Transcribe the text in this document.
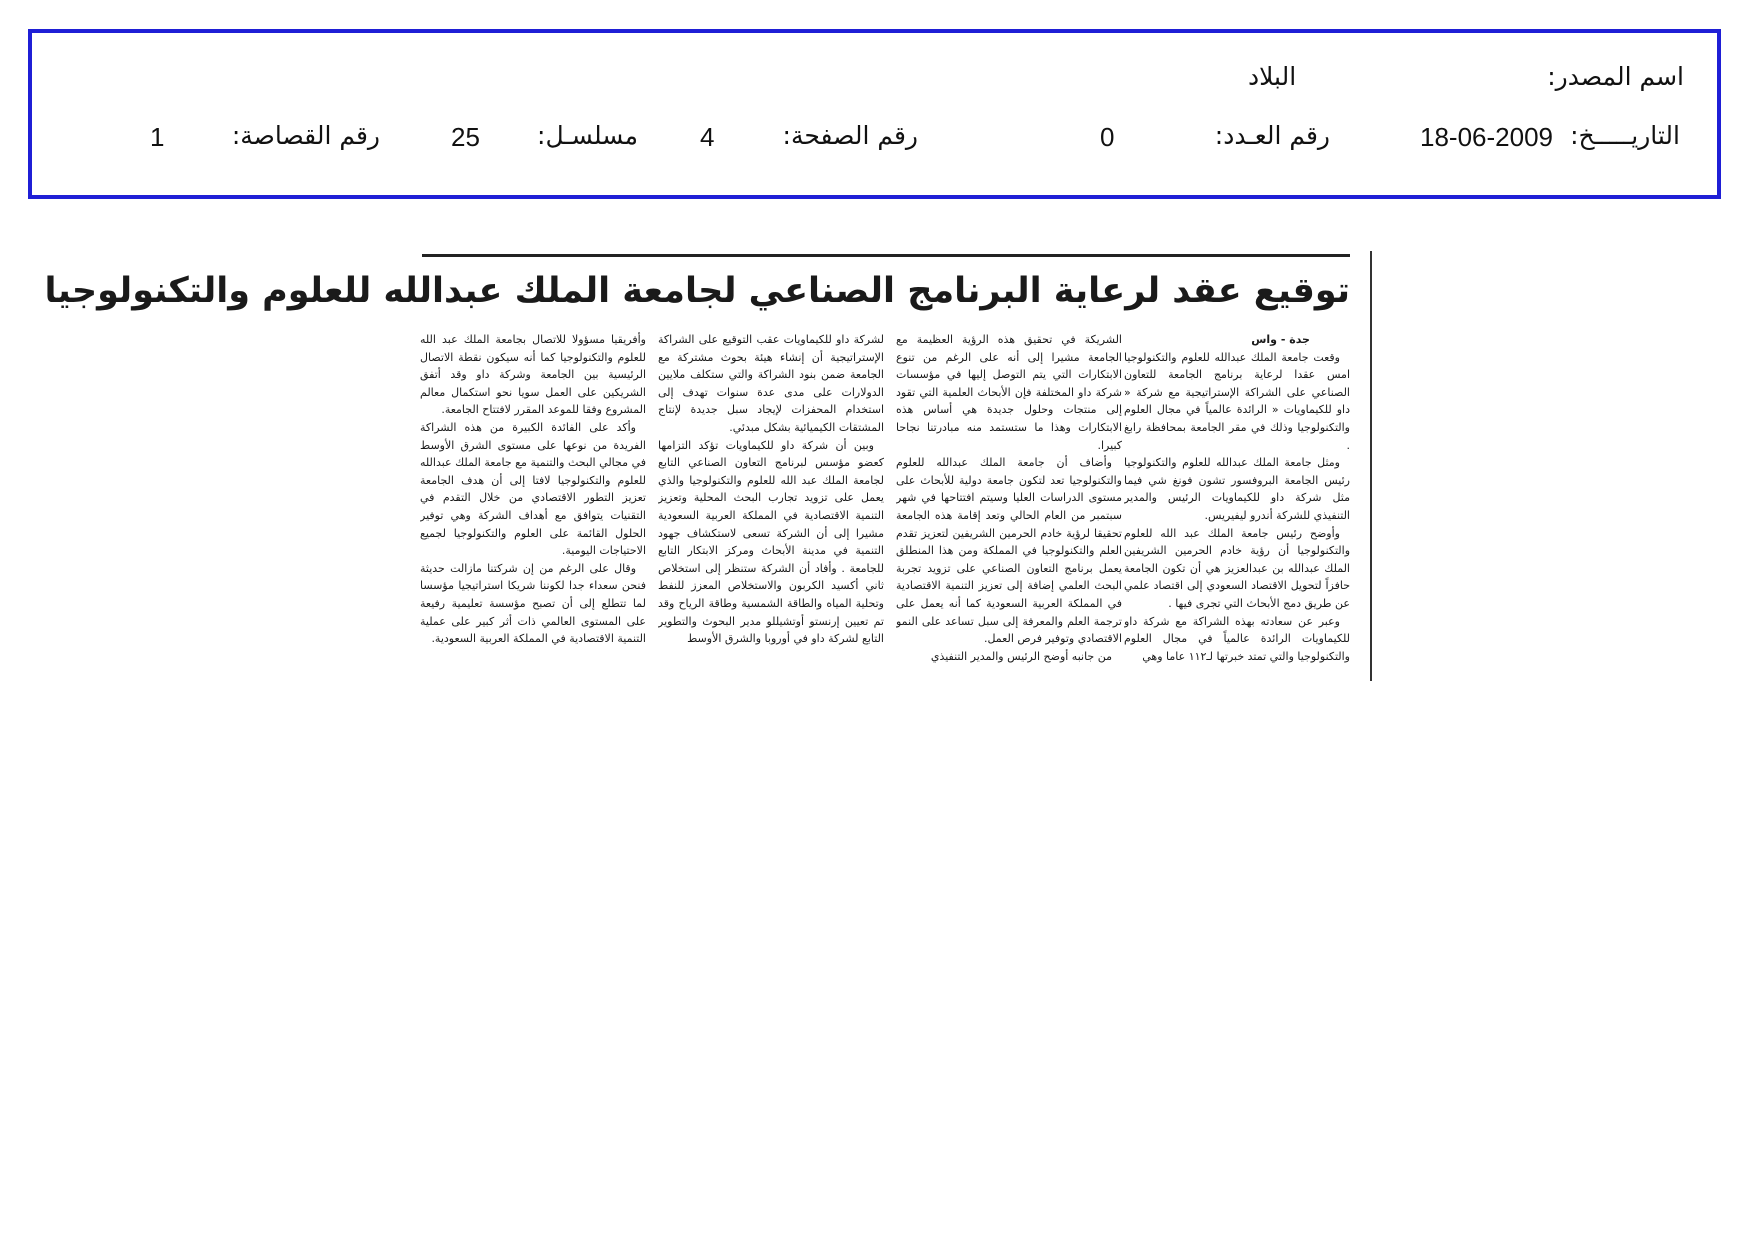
اسم المصدر:
البلاد
التاريـــــخ:
18-06-2009
رقم العـدد:
0
رقم الصفحة:
4
مسلسـل:
25
رقم القصاصة:
1
توقيع عقد لرعاية البرنامج الصناعي لجامعة الملك عبدالله للعلوم والتكنولوجيا

جدة - واس

وقعت جامعة الملك عبدالله للعلوم والتكنولوجيا امس عقدا لرعاية برنامج الجامعة للتعاون الصناعي على الشراكة الإستراتيجية مع شركة « داو للكيماويات « الرائدة عالمياً في مجال العلوم والتكنولوجيا وذلك في مقر الجامعة بمحافظة رابغ .

ومثل جامعة الملك عبدالله للعلوم والتكنولوجيا رئيس الجامعة البروفسور تشون فونغ شي فيما مثل شركة داو للكيماويات الرئيس والمدير التنفيذي للشركة أندرو ليفيريس.

وأوضح رئيس جامعة الملك عبد الله للعلوم والتكنولوجيا أن رؤية خادم الحرمين الشريفين الملك عبدالله بن عبدالعزيز هي أن تكون الجامعة حافزاً لتحويل الاقتصاد السعودي إلى اقتصاد علمي عن طريق دمج الأبحاث التي تجرى فيها .

وعبر عن سعادته بهذه الشراكة مع شركة داو للكيماويات الرائدة عالمياً في مجال العلوم والتكنولوجيا والتي تمتد خبرتها لـ١١٢ عاما وهي

الشريكة في تحقيق هذه الرؤية العظيمة مع الجامعة مشيرا إلى أنه على الرغم من تنوع الابتكارات التي يتم التوصل إليها في مؤسسات شركة داو المختلفة فإن الأبحاث العلمية التي تقود إلى منتجات وحلول جديدة هي أساس هذه الابتكارات وهذا ما ستستمد منه مبادرتنا نجاحا كبيرا.

وأضاف أن جامعة الملك عبدالله للعلوم والتكنولوجيا تعد لتكون جامعة دولية للأبحاث على مستوى الدراسات العليا وسيتم افتتاحها في شهر سبتمبر من العام الحالي وتعد إقامة هذه الجامعة تحقيقا لرؤية خادم الحرمين الشريفين لتعزيز تقدم العلم والتكنولوجيا في المملكة ومن هذا المنطلق يعمل برنامج التعاون الصناعي على تزويد تجربة البحث العلمي إضافة إلى تعزيز التنمية الاقتصادية في المملكة العربية السعودية كما أنه يعمل على ترجمة العلم والمعرفة إلى سبل تساعد على النمو الاقتصادي وتوفير فرص العمل.

من جانبه أوضح الرئيس والمدير التنفيذي

لشركة داو للكيماويات عقب التوقيع على الشراكة الإستراتيجية أن إنشاء هيئة بحوث مشتركة مع الجامعة ضمن بنود الشراكة والتي ستكلف ملايين الدولارات على مدى عدة سنوات تهدف إلى استخدام المحفزات لإيجاد سبل جديدة لإنتاج المشتقات الكيميائية بشكل مبدئي.

وبين أن شركة داو للكيماويات تؤكد التزامها كعضو مؤسس لبرنامج التعاون الصناعي التابع لجامعة الملك عبد الله للعلوم والتكنولوجيا والذي يعمل على تزويد تجارب البحث المحلية وتعزيز التنمية الاقتصادية في المملكة العربية السعودية مشيرا إلى أن الشركة تسعى لاستكشاف جهود التنمية في مدينة الأبحاث ومركز الابتكار التابع للجامعة . وأفاد أن الشركة ستنظر إلى استخلاص ثاني أكسيد الكربون والاستخلاص المعزز للنفط وتحلية المياه والطاقة الشمسية وطاقة الرياح وقد تم تعيين إرنستو أوتشيللو مدير البحوث والتطوير التابع لشركة داو في أوروبا والشرق الأوسط

وأفريقيا مسؤولا للاتصال بجامعة الملك عبد الله للعلوم والتكنولوجيا كما أنه سيكون نقطة الاتصال الرئيسية بين الجامعة وشركة داو وقد أتفق الشريكين على العمل سويا نحو استكمال معالم المشروع وفقا للموعد المقرر لافتتاح الجامعة.

وأكد على الفائدة الكبيرة من هذه الشراكة الفريدة من نوعها على مستوى الشرق الأوسط في مجالي البحث والتنمية مع جامعة الملك عبدالله للعلوم والتكنولوجيا لافتا إلى أن هدف الجامعة تعزيز التطور الاقتصادي من خلال التقدم في التقنيات يتوافق مع أهداف الشركة وهي توفير الحلول القائمة على العلوم والتكنولوجيا لجميع الاحتياجات اليومية.

وقال على الرغم من إن شركتنا مازالت حديثة فنحن سعداء جدا لكوننا شريكا استراتيجيا مؤسسا لما تتطلع إلى أن تصبح مؤسسة تعليمية رفيعة على المستوى العالمي ذات أثر كبير على عملية التنمية الاقتصادية في المملكة العربية السعودية.
